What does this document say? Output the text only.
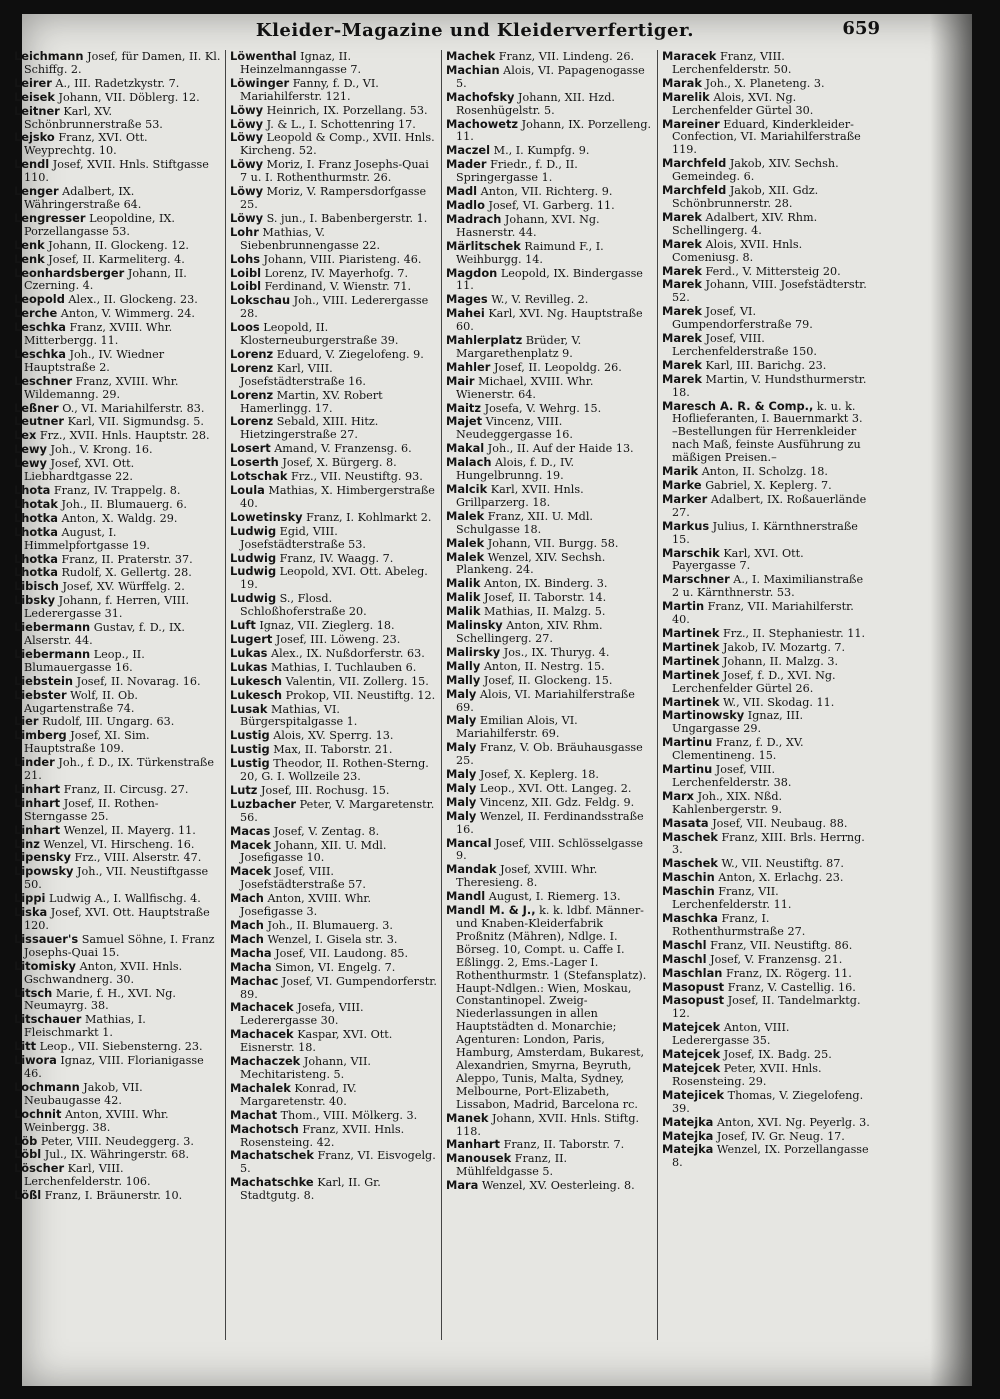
Kleider-Magazine und Kleiderverfertiger.	659
Leichmann Josef, für Damen, II. Kl. Schiffg. 2.
Leirer A., III. Radetzkystr. 7.
Leisek Johann, VII. Döblerg. 12.
Leitner Karl, XV. Schönbrunnerstraße 53.
Lejsko Franz, XVI. Ott. Weyprechtg. 10.
Lendl Josef, XVII. Hnls. Stiftgasse 110.
Lenger Adalbert, IX. Währingerstraße 64.
Lengresser Leopoldine, IX. Porzellangasse 53.
Lenk Johann, II. Glockeng. 12.
Lenk Josef, II. Karmeliterg. 4.
Leonhardsberger Johann, II. Czerning. 4.
Leopold Alex., II. Glockeng. 23.
Lerche Anton, V. Wimmerg. 24.
Leschka Franz, XVIII. Whr. Mitterbergg. 11.
Leschka Joh., IV. Wiedner Hauptstraße 2.
Leschner Franz, XVIII. Whr. Wildemanng. 29.
Leßner O., VI. Mariahilferstr. 83.
Leutner Karl, VII. Sigmundsg. 5.
Lex Frz., XVII. Hnls. Hauptstr. 28.
Lewy Joh., V. Krong. 16.
Lewy Josef, XVI. Ott. Liebhardtgasse 22.
Lhota Franz, IV. Trappelg. 8.
Lhotak Joh., II. Blumauerg. 6.
Lhotka Anton, X. Waldg. 29.
Lhotka August, I. Himmelpfortgasse 19.
Lhotka Franz, II. Praterstr. 37.
Lhotka Rudolf, X. Gellertg. 28.
Libisch Josef, XV. Würffelg. 2.
Libsky Johann, f. Herren, VIII. Lederergasse 31.
Liebermann Gustav, f. D., IX. Alserstr. 44.
Liebermann Leop., II. Blumauergasse 16.
Liebstein Josef, II. Novarag. 16.
Liebster Wolf, II. Ob. Augartenstraße 74.
Lier Rudolf, III. Ungarg. 63.
Limberg Josef, XI. Sim. Hauptstraße 109.
Linder Joh., f. D., IX. Türkenstraße 21.
Linhart Franz, II. Circusg. 27.
Linhart Josef, II. Rothen-Sterngasse 25.
Linhart Wenzel, II. Mayerg. 11.
Linz Wenzel, VI. Hirscheng. 16.
Lipensky Frz., VIII. Alserstr. 47.
Lipowsky Joh., VII. Neustiftgasse 50.
Lippi Ludwig A., I. Wallfischg. 4.
Liska Josef, XVI. Ott. Hauptstraße 120.
Lissauer's Samuel Söhne, I. Franz Josephs-Quai 15.
Litomisky Anton, XVII. Hnls. Gschwandnerg. 30.
Litsch Marie, f. H., XVI. Ng. Neumayrg. 38.
Litschauer Mathias, I. Fleischmarkt 1.
Litt Leop., VII. Siebensterng. 23.
Liwora Ignaz, VIII. Florianigasse 46.
Lochmann Jakob, VII. Neubaugasse 42.
Lochnit Anton, XVIII. Whr. Weinbergg. 38.
Löb Peter, VIII. Neudeggerg. 3.
Löbl Jul., IX. Währingerstr. 68.
Löscher Karl, VIII. Lerchenfelderstr. 106.
Lößl Franz, I. Bräunerstr. 10.
Löwenthal Ignaz, II. Heinzelmanngasse 7.
Löwinger Fanny, f. D., VI. Mariahilferstr. 121.
Löwy Heinrich, IX. Porzellang. 53.
Löwy J. & L., I. Schottenring 17.
Löwy Leopold & Comp., XVII. Hnls. Kircheng. 52.
Löwy Moriz, I. Franz Josephs-Quai 7 u. I. Rothenthurmstr. 26.
Löwy Moriz, V. Rampersdorfgasse 25.
Löwy S. jun., I. Babenbergerstr. 1.
Lohr Mathias, V. Siebenbrunnengasse 22.
Lohs Johann, VIII. Piaristeng. 46.
Loibl Lorenz, IV. Mayerhofg. 7.
Loibl Ferdinand, V. Wienstr. 71.
Lokschau Joh., VIII. Lederergasse 28.
Loos Leopold, II. Klosterneuburgerstraße 39.
Lorenz Eduard, V. Ziegelofeng. 9.
Lorenz Karl, VIII. Josefstädterstraße 16.
Lorenz Martin, XV. Robert Hamerlingg. 17.
Lorenz Sebald, XIII. Hitz. Hietzingerstraße 27.
Losert Amand, V. Franzensg. 6.
Loserth Josef, X. Bürgerg. 8.
Lotschak Frz., VII. Neustiftg. 93.
Loula Mathias, X. Himbergerstraße 40.
Lowetinsky Franz, I. Kohlmarkt 2.
Ludwig Egid, VIII. Josefstädterstraße 53.
Ludwig Franz, IV. Waagg. 7.
Ludwig Leopold, XVI. Ott. Abeleg. 19.
Ludwig S., Flosd. Schloßhoferstraße 20.
Luft Ignaz, VII. Zieglerg. 18.
Lugert Josef, III. Löweng. 23.
Lukas Alex., IX. Nußdorferstr. 63.
Lukas Mathias, I. Tuchlauben 6.
Lukesch Valentin, VII. Zollerg. 15.
Lukesch Prokop, VII. Neustiftg. 12.
Lusak Mathias, VI. Bürgerspitalgasse 1.
Lustig Alois, XV. Sperrg. 13.
Lustig Max, II. Taborstr. 21.
Lustig Theodor, II. Rothen-Sterng. 20, G. I. Wollzeile 23.
Lutz Josef, III. Rochusg. 15.
Luzbacher Peter, V. Margaretenstr. 56.
Macas Josef, V. Zentag. 8.
Macek Johann, XII. U. Mdl. Josefigasse 10.
Macek Josef, VIII. Josefstädterstraße 57.
Mach Anton, XVIII. Whr. Josefigasse 3.
Mach Joh., II. Blumauerg. 3.
Mach Wenzel, I. Gisela str. 3.
Macha Josef, VII. Laudong. 85.
Macha Simon, VI. Engelg. 7.
Machac Josef, VI. Gumpendorferstr. 89.
Machacek Josefa, VIII. Lederergasse 30.
Machacek Kaspar, XVI. Ott. Eisnerstr. 18.
Machaczek Johann, VII. Mechitaristeng. 5.
Machalek Konrad, IV. Margaretenstr. 40.
Machat Thom., VIII. Mölkerg. 3.
Machotsch Franz, XVII. Hnls. Rosensteing. 42.
Machatschek Franz, VI. Eisvogelg. 5.
Machatschke Karl, II. Gr. Stadtgutg. 8.
Machek Franz, VII. Lindeng. 26.
Machian Alois, VI. Papagenogasse 5.
Machofsky Johann, XII. Hzd. Rosenhügelstr. 5.
Machowetz Johann, IX. Porzelleng. 11.
Maczel M., I. Kumpfg. 9.
Mader Friedr., f. D., II. Springergasse 1.
Madl Anton, VII. Richterg. 9.
Madlo Josef, VI. Garberg. 11.
Madrach Johann, XVI. Ng. Hasnerstr. 44.
Märlitschek Raimund F., I. Weihburgg. 14.
Magdon Leopold, IX. Bindergasse 11.
Mages W., V. Revilleg. 2.
Mahei Karl, XVI. Ng. Hauptstraße 60.
Mahlerplatz Brüder, V. Margarethenplatz 9.
Mahler Josef, II. Leopoldg. 26.
Mair Michael, XVIII. Whr. Wienerstr. 64.
Maitz Josefa, V. Wehrg. 15.
Majet Vincenz, VIII. Neudeggergasse 16.
Makal Joh., II. Auf der Haide 13.
Malach Alois, f. D., IV. Hungelbrunng. 19.
Malcik Karl, XVII. Hnls. Grillparzerg. 18.
Malek Franz, XII. U. Mdl. Schulgasse 18.
Malek Johann, VII. Burgg. 58.
Malek Wenzel, XIV. Sechsh. Plankeng. 24.
Malik Anton, IX. Binderg. 3.
Malik Josef, II. Taborstr. 14.
Malik Mathias, II. Malzg. 5.
Malinsky Anton, XIV. Rhm. Schellingerg. 27.
Malirsky Jos., IX. Thuryg. 4.
Mally Anton, II. Nestrg. 15.
Mally Josef, II. Glockeng. 15.
Maly Alois, VI. Mariahilferstraße 69.
Maly Emilian Alois, VI. Mariahilferstr. 69.
Maly Franz, V. Ob. Bräuhausgasse 25.
Maly Josef, X. Keplerg. 18.
Maly Leop., XVI. Ott. Langeg. 2.
Maly Vincenz, XII. Gdz. Feldg. 9.
Maly Wenzel, II. Ferdinandsstraße 16.
Mancal Josef, VIII. Schlösselgasse 9.
Mandak Josef, XVIII. Whr. Theresieng. 8.
Mandl August, I. Riemerg. 13.
Mandl M. & J., k. k. ldbf. Männer- und Knaben-Kleiderfabrik Proßnitz (Mähren), Ndlge. I. Börseg. 10, Compt. u. Caffe I. Eßlingg. 2, Ems.-Lager I. Rothenthurmstr. 1 (Stefansplatz). Haupt-Ndlgen.: Wien, Moskau, Constantinopel. Zweig-Niederlassungen in allen Hauptstädten d. Monarchie; Agenturen: London, Paris, Hamburg, Amsterdam, Bukarest, Alexandrien, Smyrna, Beyruth, Aleppo, Tunis, Malta, Sydney, Melbourne, Port-Elizabeth, Lissabon, Madrid, Barcelona rc.
Manek Johann, XVII. Hnls. Stiftg. 118.
Manhart Franz, II. Taborstr. 7.
Manousek Franz, II. Mühlfeldgasse 5.
Mara Wenzel, XV. Oesterleing. 8.
Maracek Franz, VIII. Lerchenfelderstr. 50.
Marak Joh., X. Planeteng. 3.
Marelik Alois, XVI. Ng. Lerchenfelder Gürtel 30.
Mareiner Eduard, Kinderkleider-Confection, VI. Mariahilferstraße 119.
Marchfeld Jakob, XIV. Sechsh. Gemeindeg. 6.
Marchfeld Jakob, XII. Gdz. Schönbrunnerstr. 28.
Marek Adalbert, XIV. Rhm. Schellingerg. 4.
Marek Alois, XVII. Hnls. Comeniusg. 8.
Marek Ferd., V. Mittersteig 20.
Marek Johann, VIII. Josefstädterstr. 52.
Marek Josef, VI. Gumpendorferstraße 79.
Marek Josef, VIII. Lerchenfelderstraße 150.
Marek Karl, III. Barichg. 23.
Marek Martin, V. Hundsthurmerstr. 18.
Maresch A. R. & Comp., k. u. k. Hoflieferanten, I. Bauernmarkt 3. –Bestellungen für Herrenkleider nach Maß, feinste Ausführung zu mäßigen Preisen.–
Marik Anton, II. Scholzg. 18.
Marke Gabriel, X. Keplerg. 7.
Marker Adalbert, IX. Roßauerlände 27.
Markus Julius, I. Kärnthnerstraße 15.
Marschik Karl, XVI. Ott. Payergasse 7.
Marschner A., I. Maximilianstraße 2 u. Kärnthnerstr. 53.
Martin Franz, VII. Mariahilferstr. 40.
Martinek Frz., II. Stephaniestr. 11.
Martinek Jakob, IV. Mozartg. 7.
Martinek Johann, II. Malzg. 3.
Martinek Josef, f. D., XVI. Ng. Lerchenfelder Gürtel 26.
Martinek W., VII. Skodag. 11.
Martinowsky Ignaz, III. Ungargasse 29.
Martinu Franz, f. D., XV. Clementineng. 15.
Martinu Josef, VIII. Lerchenfelderstr. 38.
Marx Joh., XIX. Nßd. Kahlenbergerstr. 9.
Masata Josef, VII. Neubaug. 88.
Maschek Franz, XIII. Brls. Herrng. 3.
Maschek W., VII. Neustiftg. 87.
Maschin Anton, X. Erlachg. 23.
Maschin Franz, VII. Lerchenfelderstr. 11.
Maschka Franz, I. Rothenthurmstraße 27.
Maschl Franz, VII. Neustiftg. 86.
Maschl Josef, V. Franzensg. 21.
Maschlan Franz, IX. Rögerg. 11.
Masopust Franz, V. Castellig. 16.
Masopust Josef, II. Tandelmarktg. 12.
Matejcek Anton, VIII. Lederergasse 35.
Matejcek Josef, IX. Badg. 25.
Matejcek Peter, XVII. Hnls. Rosensteing. 29.
Matejicek Thomas, V. Ziegelofeng. 39.
Matejka Anton, XVI. Ng. Peyerlg. 3.
Matejka Josef, IV. Gr. Neug. 17.
Matejka Wenzel, IX. Porzellangasse 8.
